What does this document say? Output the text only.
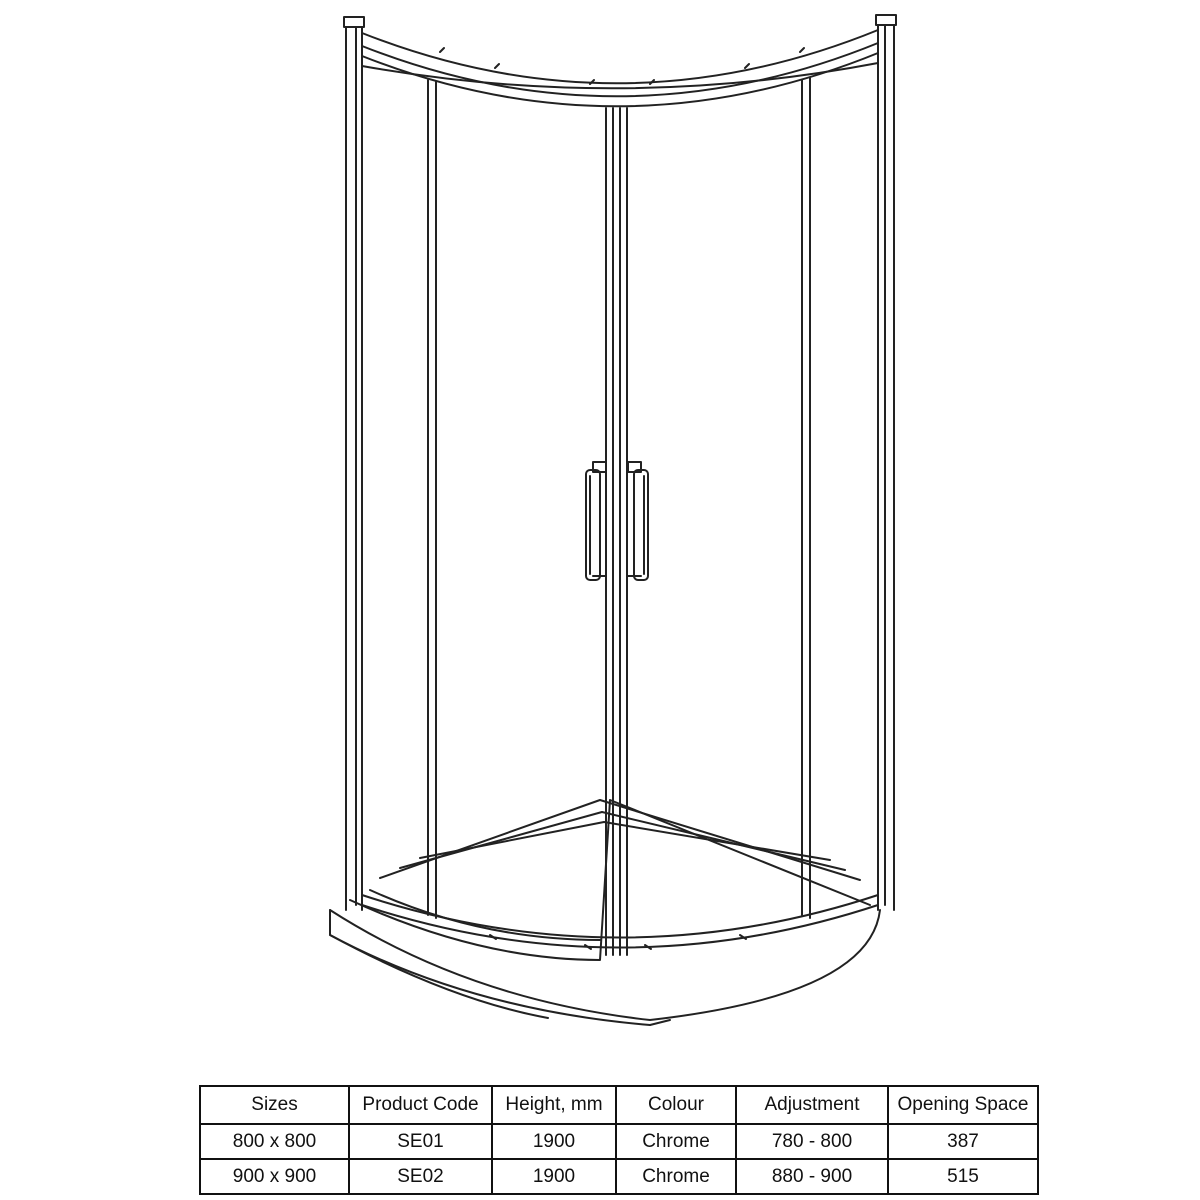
Sizes	Product Code	Height, mm	Colour	Adjustment	Opening Space
800 x 800	SE01	1900	Chrome	780 - 800	387
900 x 900	SE02	1900	Chrome	880 - 900	515
